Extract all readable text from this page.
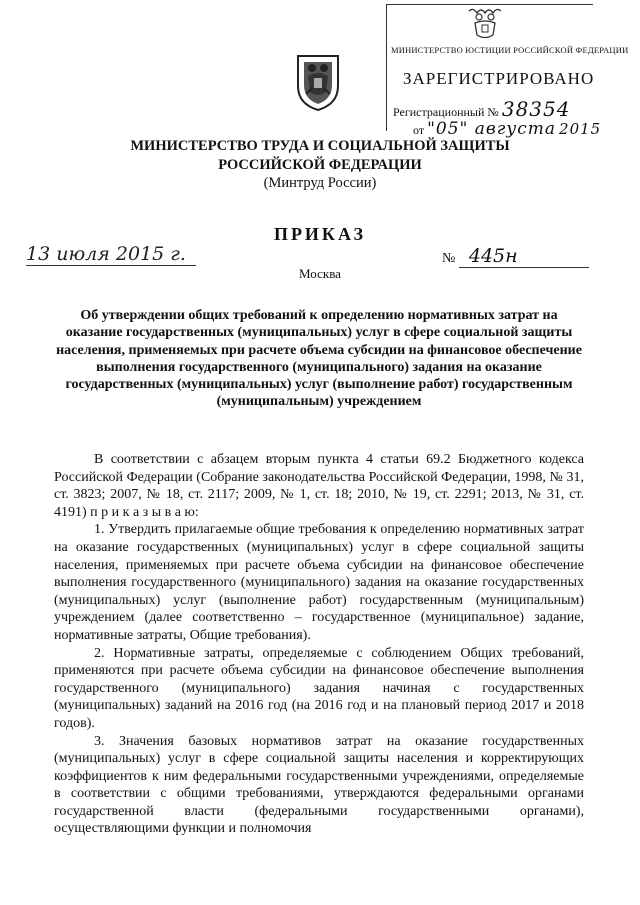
МИНИСТЕРСТВО ЮСТИЦИИ РОССИЙСКОЙ ФЕДЕРАЦИИ
ЗАРЕГИСТРИРОВАНО
Регистрационный № 38354
от "05" августа 2015
МИНИСТЕРСТВО ТРУДА И СОЦИАЛЬНОЙ ЗАЩИТЫ
РОССИЙСКОЙ ФЕДЕРАЦИИ
(Минтруд России)
ПРИКАЗ
13 июля 2015 г.	№ 445н
Москва
Об утверждении общих требований к определению нормативных затрат на оказание государственных (муниципальных) услуг в сфере социальной защиты населения, применяемых при расчете объема субсидии на финансовое обеспечение выполнения государственного (муниципального) задания на оказание государственных (муниципальных) услуг (выполнение работ) государственным (муниципальным) учреждением

В соответствии с абзацем вторым пункта 4 статьи 69.2 Бюджетного кодекса Российской Федерации (Собрание законодательства Российской Федерации, 1998, № 31, ст. 3823; 2007, № 18, ст. 2117; 2009, № 1, ст. 18; 2010, № 19, ст. 2291; 2013, № 31, ст. 4191) п р и к а з ы в а ю:

1. Утвердить прилагаемые общие требования к определению нормативных затрат на оказание государственных (муниципальных) услуг в сфере социальной защиты населения, применяемых при расчете объема субсидии на финансовое обеспечение выполнения государственного (муниципального) задания на оказание государственных (муниципальных) услуг (выполнение работ) государственным (муниципальным) учреждением (далее соответственно – государственное (муниципальное) задание, нормативные затраты, Общие требования).

2. Нормативные затраты, определяемые с соблюдением Общих требований, применяются при расчете объема субсидии на финансовое обеспечение выполнения государственного (муниципального) задания начиная с государственных (муниципальных) заданий на 2016 год (на 2016 год и на плановый период 2017 и 2018 годов).

3. Значения базовых нормативов затрат на оказание государственных (муниципальных) услуг в сфере социальной защиты населения и корректирующих коэффициентов к ним федеральными государственными учреждениями, определяемые в соответствии с общими требованиями, утверждаются федеральными органами государственной власти (федеральными государственными органами), осуществляющими функции и полномочия
